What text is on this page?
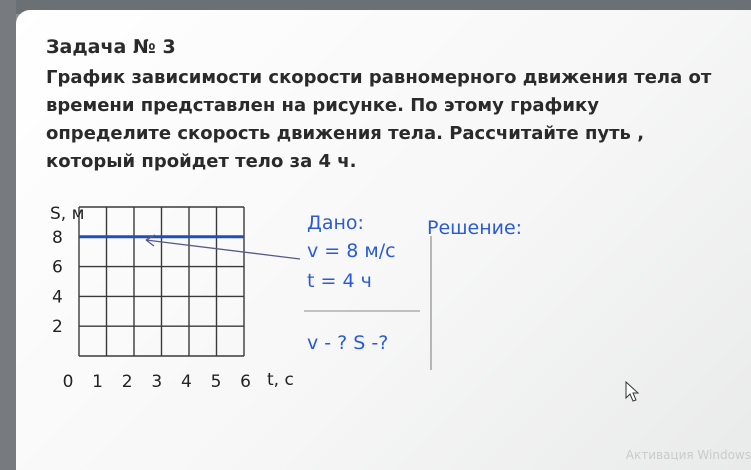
Задача № 3
График зависимости скорости равномерного движения тела от
времени представлен на рисунке. По этому графику
определите скорость движения тела. Рассчитайте путь ,
который пройдет тело за 4 ч.
8
6
4
2
0 1 2 3 4 5 6
S, м
t, с
Дано:	Решение:
v = 8 м/с
t = 4 ч
v - ? S -?
Активация Windows
